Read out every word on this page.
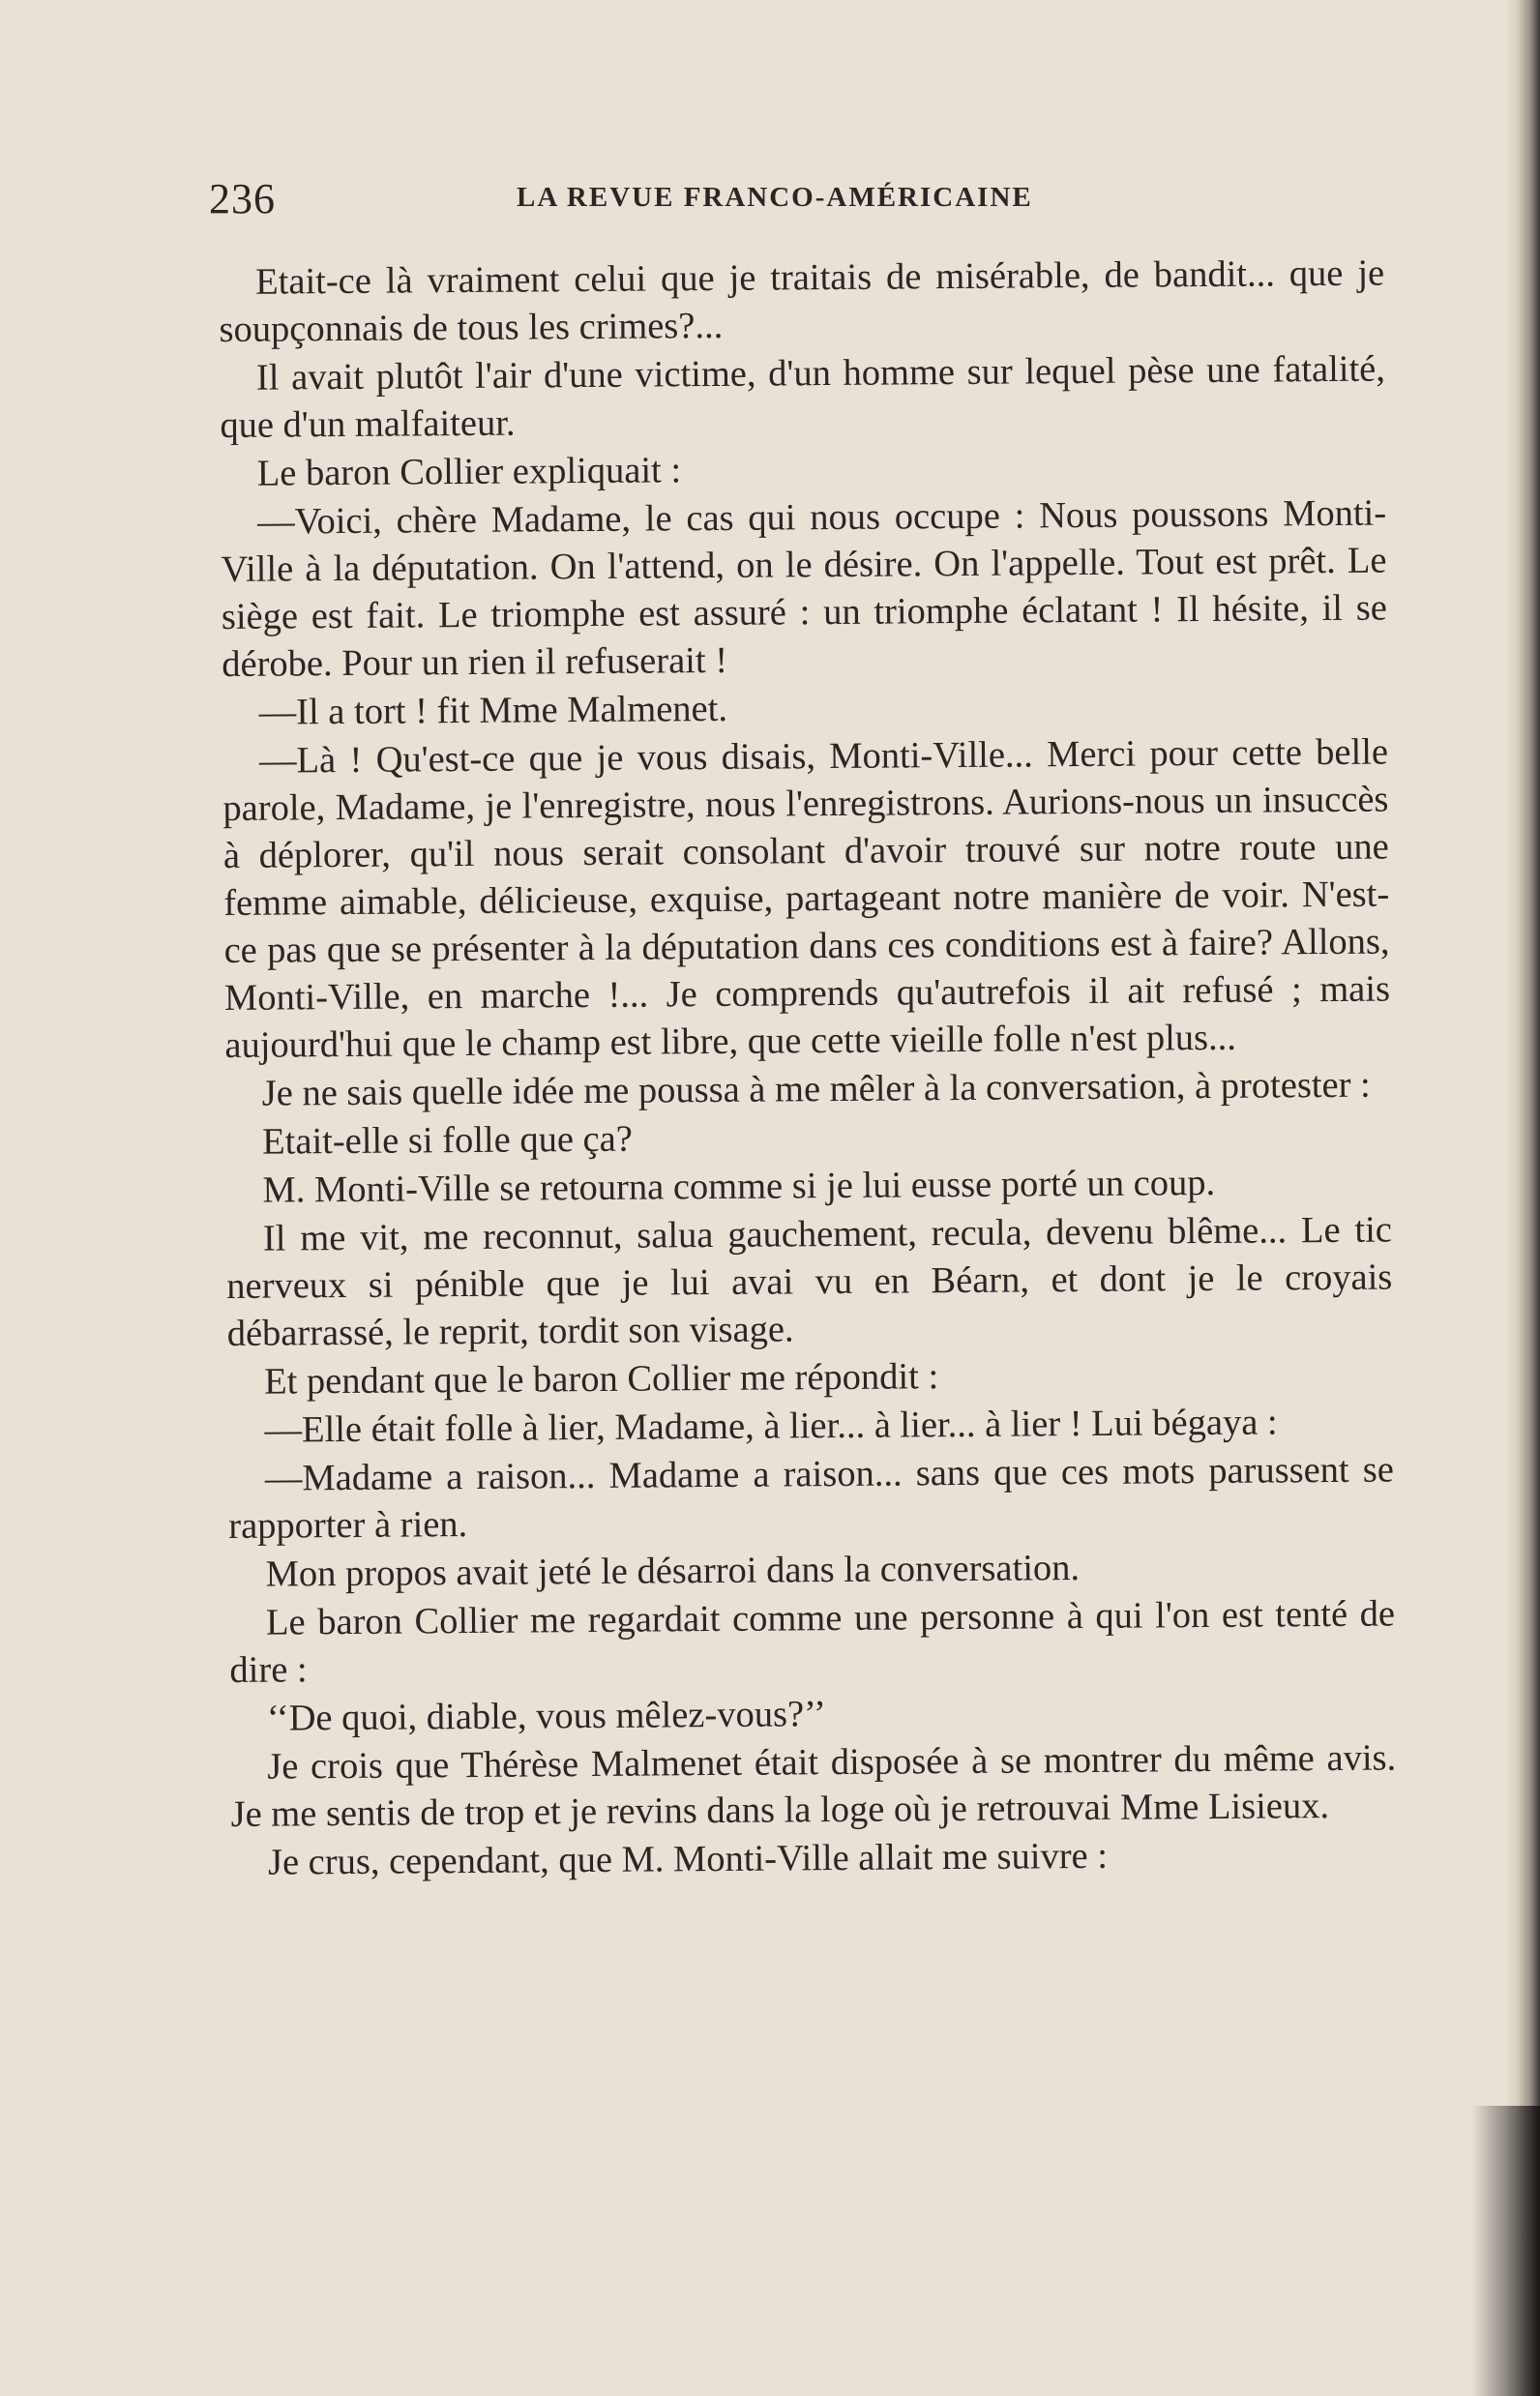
236	LA REVUE FRANCO-AMÉRICAINE

Etait-ce là vraiment celui que je traitais de misérable, de bandit... que je soupçonnais de tous les crimes?...

Il avait plutôt l'air d'une victime, d'un homme sur lequel pèse une fatalité, que d'un malfaiteur.

Le baron Collier expliquait :

—Voici, chère Madame, le cas qui nous occupe : Nous poussons Monti-Ville à la députation. On l'attend, on le désire. On l'appelle. Tout est prêt. Le siège est fait. Le triomphe est assuré : un triomphe éclatant ! Il hésite, il se dérobe. Pour un rien il refuserait !

—Il a tort ! fit Mme Malmenet.

—Là ! Qu'est-ce que je vous disais, Monti-Ville... Merci pour cette belle parole, Madame, je l'enregistre, nous l'enregistrons. Aurions-nous un insuccès à déplorer, qu'il nous serait consolant d'avoir trouvé sur notre route une femme aimable, délicieuse, exquise, partageant notre manière de voir. N'est-ce pas que se présenter à la députation dans ces conditions est à faire? Allons, Monti-Ville, en marche !... Je comprends qu'autrefois il ait refusé ; mais aujourd'hui que le champ est libre, que cette vieille folle n'est plus...

Je ne sais quelle idée me poussa à me mêler à la conversation, à protester :

Etait-elle si folle que ça?

M. Monti-Ville se retourna comme si je lui eusse porté un coup.

Il me vit, me reconnut, salua gauchement, recula, devenu blême... Le tic nerveux si pénible que je lui avai vu en Béarn, et dont je le croyais débarrassé, le reprit, tordit son visage.

Et pendant que le baron Collier me répondit :

—Elle était folle à lier, Madame, à lier... à lier... à lier ! Lui bégaya :

—Madame a raison... Madame a raison... sans que ces mots parussent se rapporter à rien.

Mon propos avait jeté le désarroi dans la conversation.

Le baron Collier me regardait comme une personne à qui l'on est tenté de dire :

‘‘De quoi, diable, vous mêlez-vous?’’

Je crois que Thérèse Malmenet était disposée à se montrer du même avis. Je me sentis de trop et je revins dans la loge où je retrouvai Mme Lisieux.

Je crus, cependant, que M. Monti-Ville allait me suivre :
